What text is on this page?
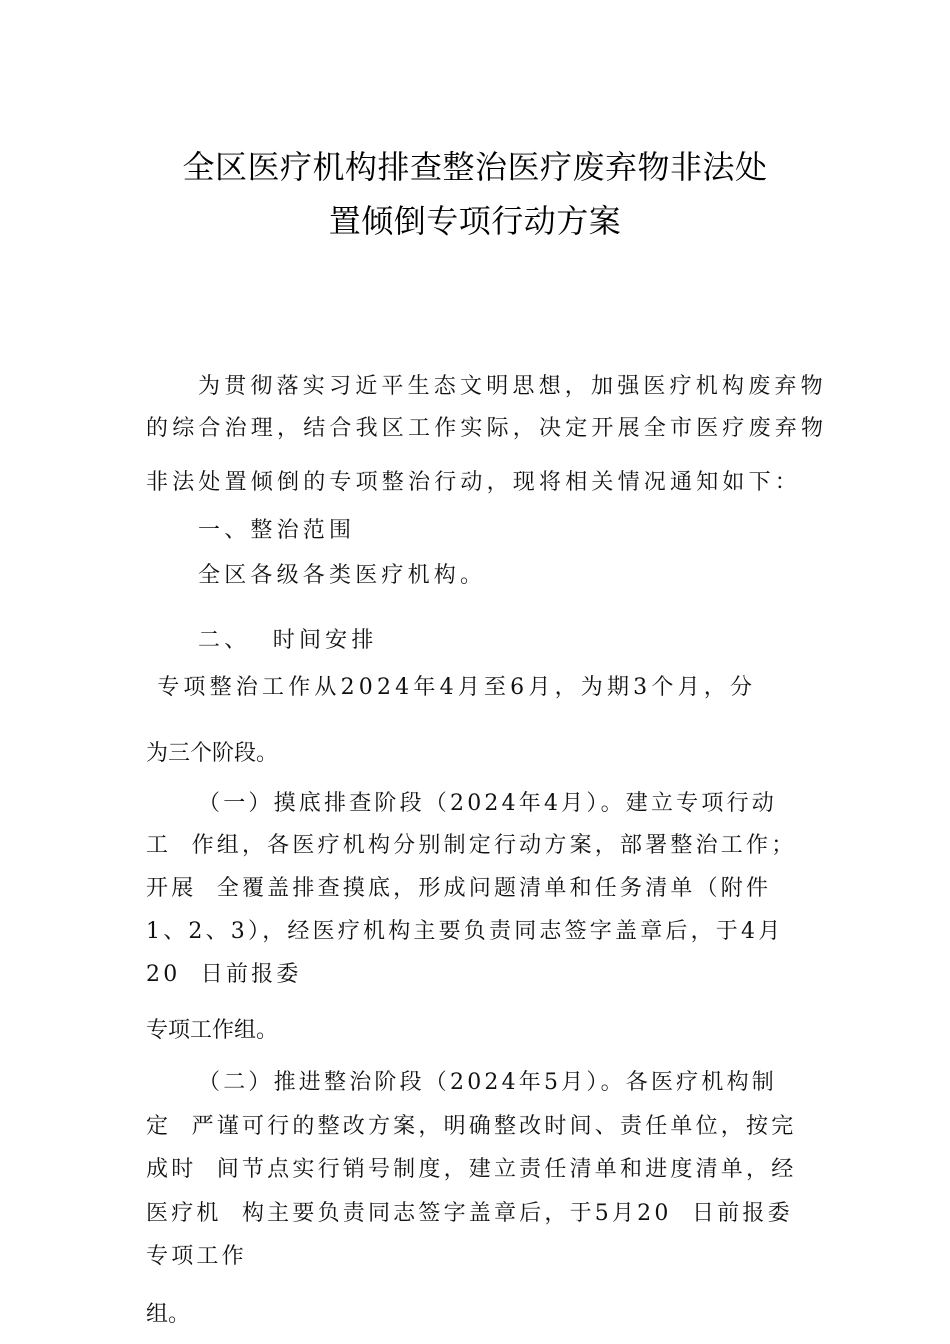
全区医疗机构排查整治医疗废弃物非法处
置倾倒专项行动方案
为贯彻落实习近平生态文明思想，加强医疗机构废弃物
的综合治理，结合我区工作实际，决定开展全市医疗废弃物
非法处置倾倒的专项整治行动，现将相关情况通知如下：
一、整治范围
全区各级各类医疗机构。
二、  时间安排
专项整治工作从2024年4月至6月，为期3个月，分
为三个阶段。
（一）摸底排查阶段（2024年4月）。建立专项行动
工  作组，各医疗机构分别制定行动方案，部署整治工作；
开展  全覆盖排查摸底，形成问题清单和任务清单（附件
1、2、3），经医疗机构主要负责同志签字盖章后，于4月
20  日前报委
专项工作组。
（二）推进整治阶段（2024年5月）。各医疗机构制
定  严谨可行的整改方案，明确整改时间、责任单位，按完
成时  间节点实行销号制度，建立责任清单和进度清单，经
医疗机  构主要负责同志签字盖章后，于5月20  日前报委
专项工作
组。
